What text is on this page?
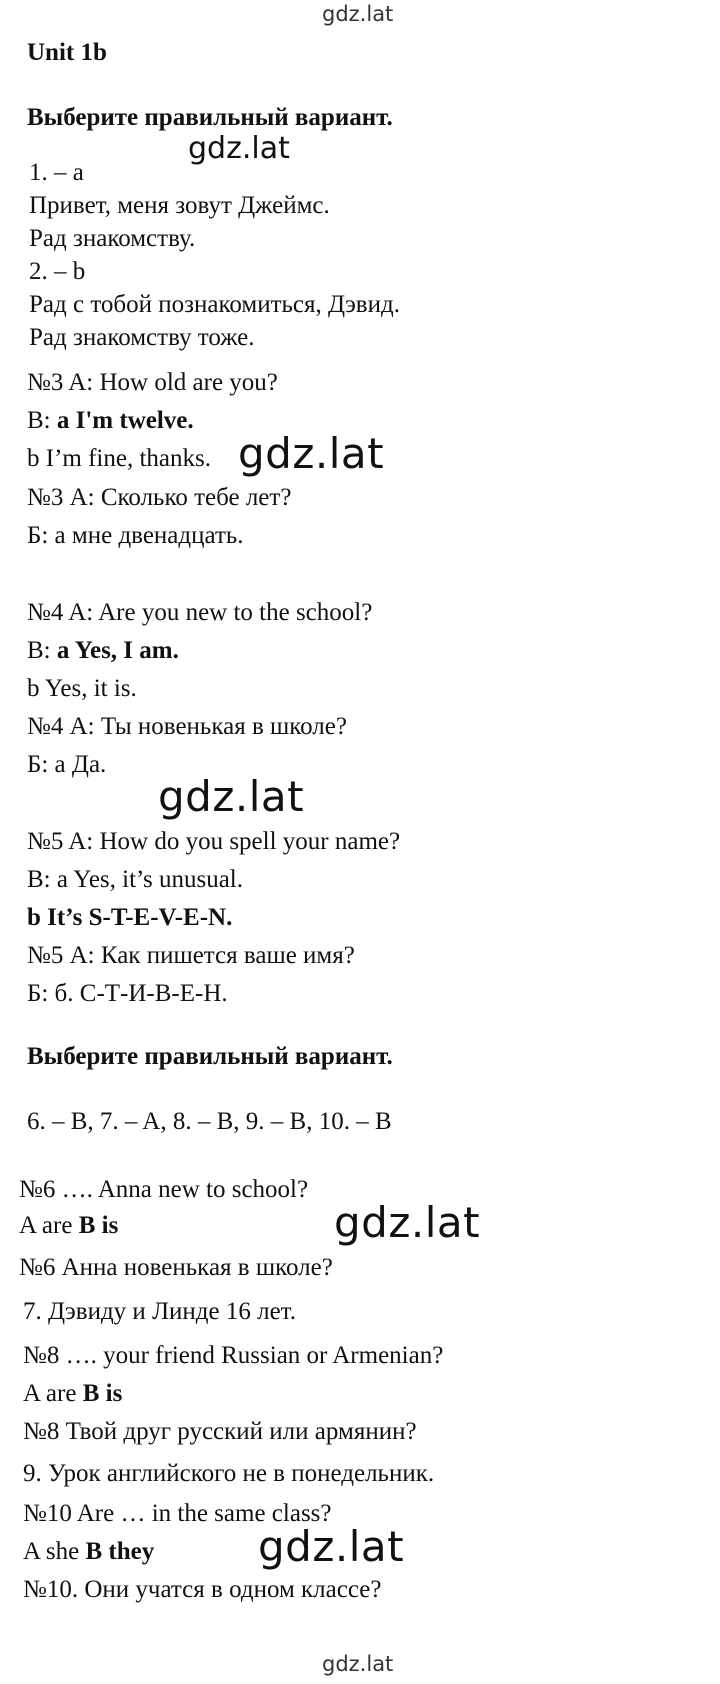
gdz.lat
Unit 1b
Выберите правильный вариант.
gdz.lat
1. – a
Привет, меня зовут Джеймс.
Рад знакомству.
2. – b
Рад с тобой познакомиться, Дэвид.
Рад знакомству тоже.
№3 A: How old are you?
B: a I'm twelve.
b I’m fine, thanks. gdz.lat
№3 А: Сколько тебе лет?
Б: а мне двенадцать.
№4 A: Are you new to the school?
B: a Yes, I am.
b Yes, it is.
№4 А: Ты новенькая в школе?
Б: а Да.
gdz.lat
№5 A: How do you spell your name?
B: a Yes, it’s unusual.
b It’s S-T-E-V-E-N.
№5 А: Как пишется ваше имя?
Б: б. С-Т-И-В-Е-Н.
Выберите правильный вариант.
6. – B, 7. – A, 8. – B, 9. – B, 10. – B
№6 …. Anna new to school?
A are B is	gdz.lat
№6 Анна новенькая в школе?
7. Дэвиду и Линде 16 лет.
№8 …. your friend Russian or Armenian?
A are B is
№8 Твой друг русский или армянин?
9. Урок английского не в понедельник.
№10 Are … in the same class?
A she B they gdz.lat
№10. Они учатся в одном классе?
gdz.lat
